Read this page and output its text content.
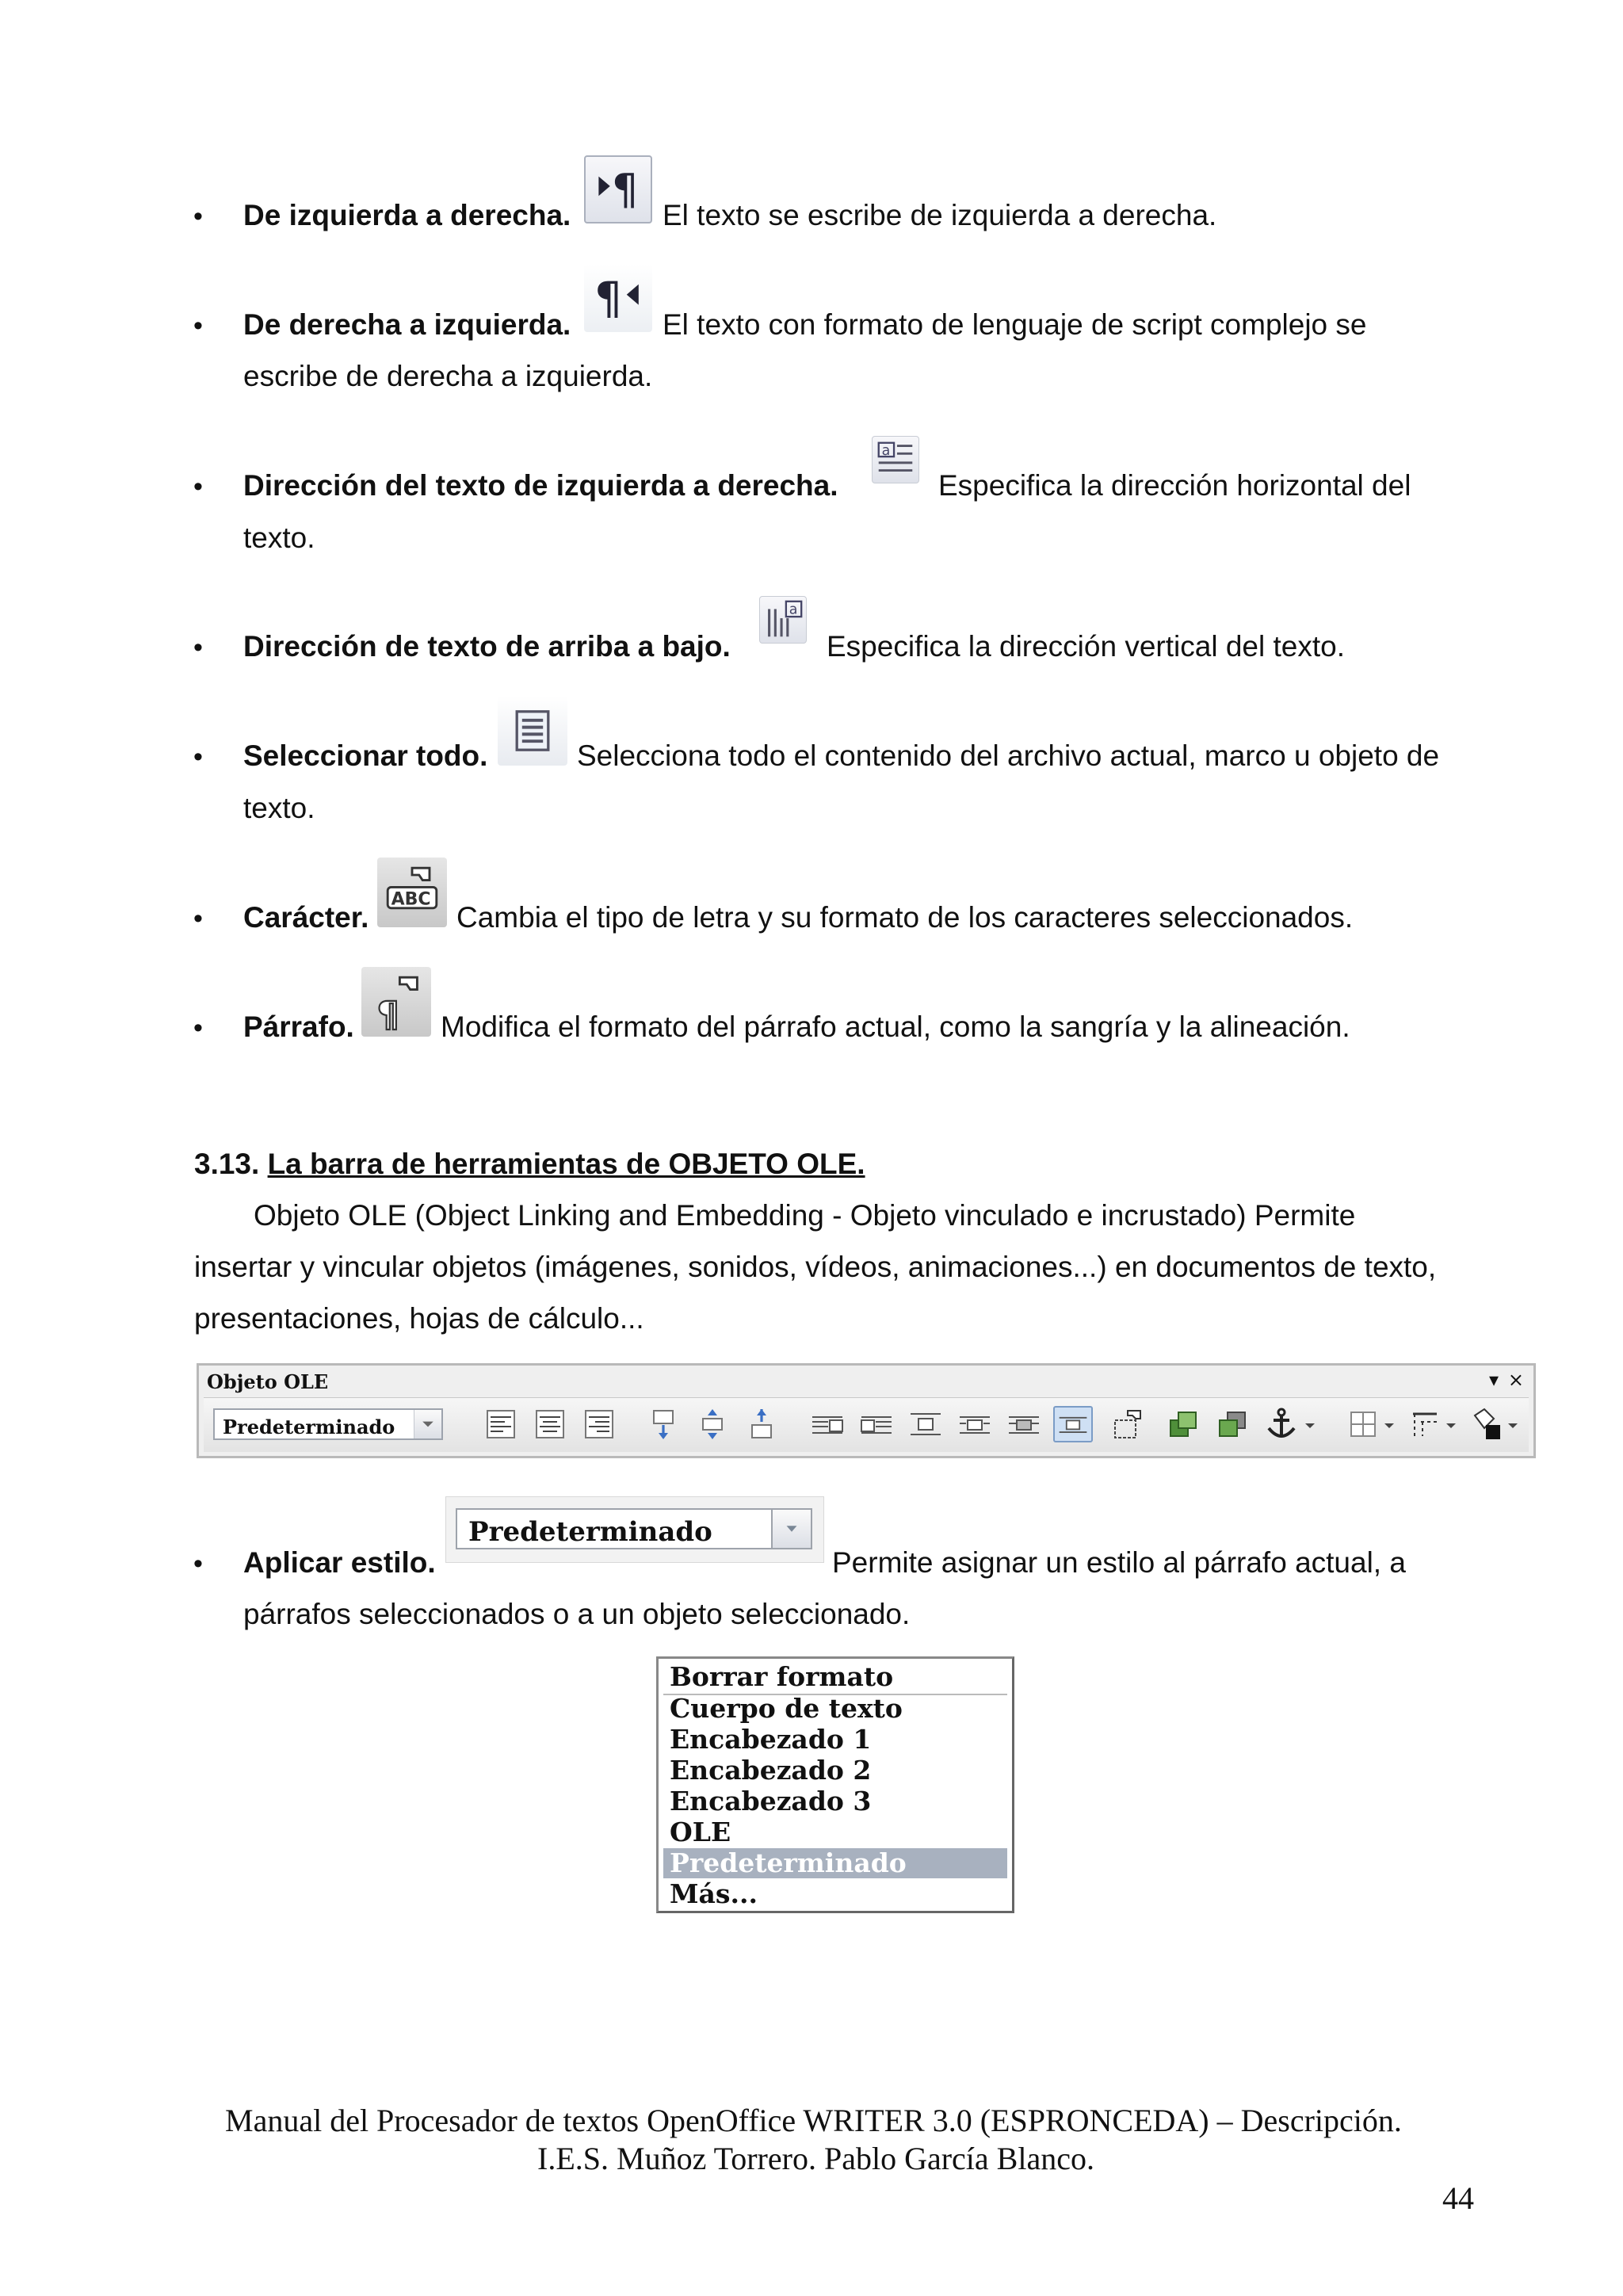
• De izquierda a derecha.
¶
El texto se escribe de izquierda a derecha.
• De derecha a izquierda.
¶
El texto con formato de lenguaje de script complejo se
escribe de derecha a izquierda.
• Dirección del texto de izquierda a derecha.
a
Especifica la dirección horizontal del
texto.
• Dirección de texto de arriba a bajo.
a
Especifica la dirección vertical del texto.
• Seleccionar todo.	Selecciona todo el contenido del archivo actual, marco u objeto de
texto.
• Carácter.
ABC
Cambia el tipo de letra y su formato de los caracteres seleccionados.
• Párrafo. ¶ Modifica el formato del párrafo actual, como la sangría y la alineación.
3.13. La barra de herramientas de OBJETO OLE.
Objeto OLE (Object Linking and Embedding - Objeto vinculado e incrustado) Permite
insertar y vincular objetos (imágenes, sonidos, vídeos, animaciones...) en documentos de texto,
presentaciones, hojas de cálculo...
Objeto OLE	▾ ×
Predeterminado
• Aplicar estilo.
Predeterminado
Permite asignar un estilo al párrafo actual, a
párrafos seleccionados o a un objeto seleccionado.
Borrar formato
Cuerpo de texto
Encabezado 1
Encabezado 2
Encabezado 3
OLE
Predeterminado
Más...
Manual del Procesador de textos OpenOffice WRITER 3.0 (ESPRONCEDA) – Descripción.
I.E.S. Muñoz Torrero. Pablo García Blanco.
44
